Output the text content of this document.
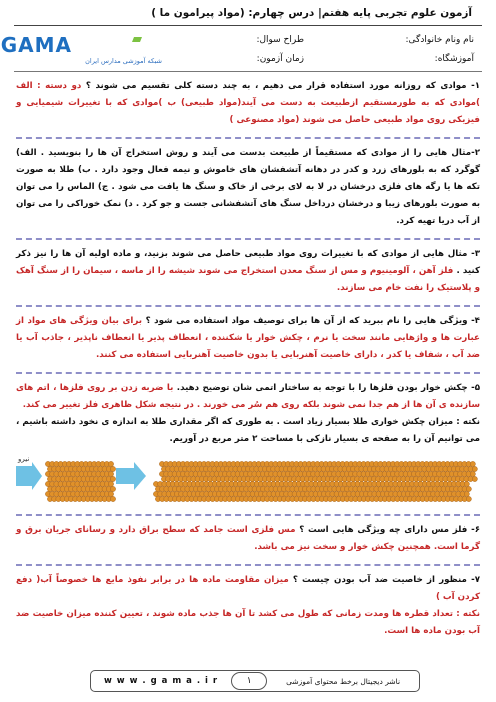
آزمون علوم تجربی پایه هفتم| درس چهارم: (مواد پیرامون ما )
نام ونام خانوادگی:
آموزشگاه:
طراح سوال:
زمان آزمون:
GAMA
شبکه آموزشی مدارس ایران
۱- موادی که روزانه مورد استفاده قرار می دهیم ، به چند دسته کلی تقسیم می شوند ؟ دو دسته : الف )موادی که به طورمستقیم ازطبیعت به دست می آیند(مواد طبیعی) ب )موادی که با تغییرات شیمیایی و فیزیکی روی مواد طبیعی حاصل می شوند (مواد مصنوعی )
۲-مثال هایی را از موادی که مستقیماً از طبیعت بدست می آیند و روش استخراج آن ها را بنویسید . الف) گوگرد که به بلورهای زرد و کدر در دهانه آتشفشان های خاموش و نیمه فعال وجود دارد . ب) طلا به صورت تکه ها یا رگه های فلزی درخشان در لا به لای برخی از خاک و سنگ ها یافت می شود . ج) الماس را می توان به صورت بلورهای زیبا و درخشان درداخل سنگ های آتشفشانی جست و جو کرد . د) نمک خوراکی را می توان از آب دریا تهیه کرد.
۳- مثال هایی از موادی که با تغییرات روی مواد طبیعی حاصل می شوند بزنید، و ماده اولیه آن ها را نیز ذکر کنید . فلز آهن ، آلومینیوم و مس از سنگ معدن استخراج می شوند شیشه را از ماسه ، سیمان را از سنگ آهک و پلاستیک را نفت خام می سازند.
۴- ویژگی هایی را نام ببرید که از آن ها برای توصیف مواد استفاده می شود ؟ برای بیان ویژگی های مواد از عبارت ها و واژهایی مانند سخت یا نرم ، چکش خوار یا شکننده ، انعطاف پذیر یا انعطاف ناپذیر ، جاذب آب یا ضد آب ، شفاف یا کدر ، دارای خاصیت آهنربایی یا بدون خاصیت آهنربایی استفاده می کنند.
۵- چکش خوار بودن فلزها را با توجه به ساختار اتمی شان توضیح دهید. با ضربه زدن بر روی فلزها ، اتم های سازنده ی آن ها از هم جدا نمی شوند بلکه روی هم سُر می خورند . در نتیجه شکل ظاهری فلز تغییر می کند.
نکته : میزان چکش خواری طلا بسیار زیاد است . به طوری که اگر مقداری طلا به اندازه ی نخود داشته باشیم ، می توانیم آن را به صفحه ی بسیار نازکی با مساحت ۲ متر مربع در آوریم.
نیرو
۶- فلز مس دارای چه ویژگی هایی است ؟ مس فلزی است جامد که سطح براق دارد و رسانای جریان برق و گرما است. همچنین چکش خوار و سخت نیز می باشد.
۷- منظور از خاصیت ضد آب بودن چیست ؟ میزان مقاومت ماده ها در برابر نفوذ مایع ها خصوصاً آب( دفع کردن آب )
نکته : تعداد قطره ها ومدت زمانی که طول می کشد تا آن ها جذب ماده شوند ، تعیین کننده میزان خاصیت ضد آب بودن ماده ها است.
w w w . g a m a . i r	۱	ناشر دیجیتال برخط محتوای آموزشی
